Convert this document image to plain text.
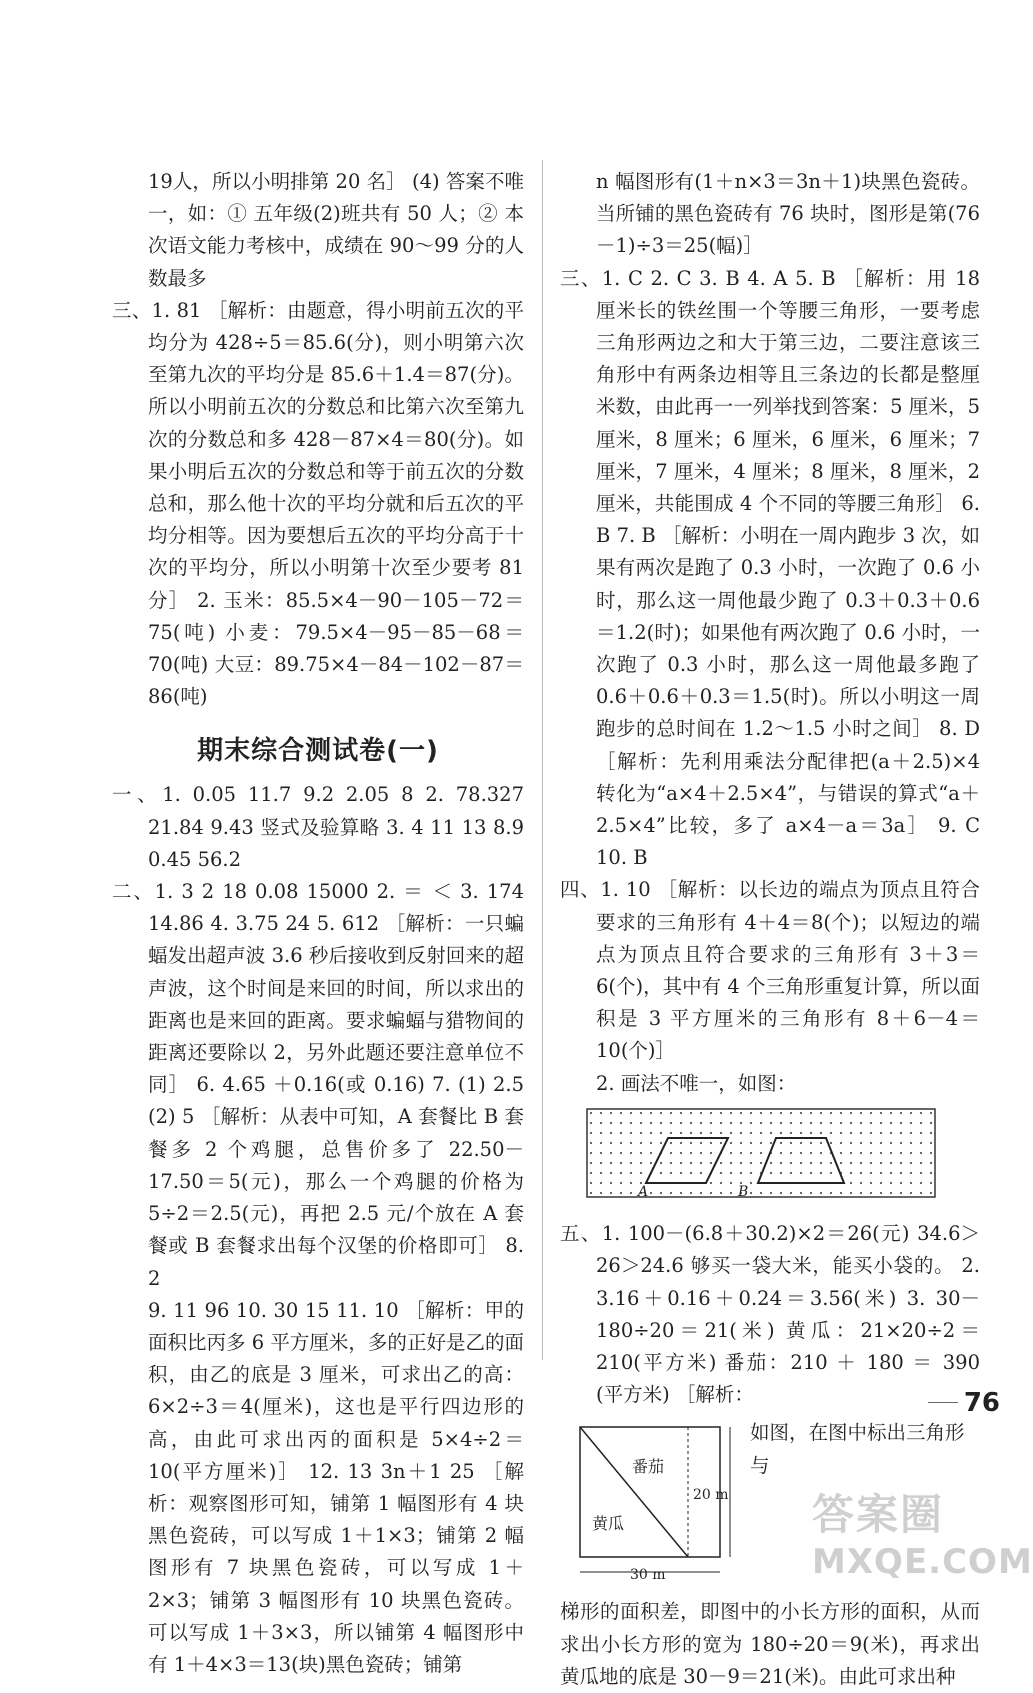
19人，所以小明排第 20 名］ (4) 答案不唯一，如：① 五年级(2)班共有 50 人；② 本次语文能力考核中，成绩在 90～99 分的人数最多

三、1. 81 ［解析：由题意，得小明前五次的平均分为 428÷5＝85.6(分)，则小明第六次至第九次的平均分是 85.6＋1.4＝87(分)。所以小明前五次的分数总和比第六次至第九次的分数总和多 428－87×4＝80(分)。如果小明后五次的分数总和等于前五次的分数总和，那么他十次的平均分就和后五次的平均分相等。因为要想后五次的平均分高于十次的平均分，所以小明第十次至少要考 81 分］ 2. 玉米：85.5×4－90－105－72＝75(吨) 小麦：79.5×4－95－85－68＝70(吨) 大豆：89.75×4－84－102－87＝86(吨)

期末综合测试卷(一)

一、1. 0.05 11.7 9.2 2.05 8 2. 78.327 21.84 9.43 竖式及验算略 3. 4 11 13 8.9 0.45 56.2

二、1. 3 2 18 0.08 15000 2. ＝ ＜ 3. 174 14.86 4. 3.75 24 5. 612 ［解析：一只蝙蝠发出超声波 3.6 秒后接收到反射回来的超声波，这个时间是来回的时间，所以求出的距离也是来回的距离。要求蝙蝠与猎物间的距离还要除以 2，另外此题还要注意单位不同］ 6. 4.65 ＋0.16(或 0.16) 7. (1) 2.5 (2) 5 ［解析：从表中可知，A 套餐比 B 套餐多 2 个鸡腿，总售价多了 22.50－17.50＝5(元)，那么一个鸡腿的价格为 5÷2＝2.5(元)，再把 2.5 元/个放在 A 套餐或 B 套餐求出每个汉堡的价格即可］ 8. 2

9. 11 96 10. 30 15 11. 10 ［解析：甲的面积比丙多 6 平方厘米，多的正好是乙的面积，由乙的底是 3 厘米，可求出乙的高：6×2÷3＝4(厘米)，这也是平行四边形的高，由此可求出丙的面积是 5×4÷2＝10(平方厘米)］ 12. 13 3n＋1 25 ［解析：观察图形可知，铺第 1 幅图形有 4 块黑色瓷砖，可以写成 1＋1×3；铺第 2 幅图形有 7 块黑色瓷砖，可以写成 1＋2×3；铺第 3 幅图形有 10 块黑色瓷砖。可以写成 1＋3×3，所以铺第 4 幅图形中有 1＋4×3＝13(块)黑色瓷砖；铺第

n 幅图形有(1＋n×3＝3n＋1)块黑色瓷砖。当所铺的黑色瓷砖有 76 块时，图形是第(76－1)÷3＝25(幅)］

三、1. C 2. C 3. B 4. A 5. B ［解析：用 18 厘米长的铁丝围一个等腰三角形，一要考虑三角形两边之和大于第三边，二要注意该三角形中有两条边相等且三条边的长都是整厘米数，由此再一一列举找到答案：5 厘米，5 厘米，8 厘米；6 厘米，6 厘米，6 厘米；7 厘米，7 厘米，4 厘米；8 厘米，8 厘米，2 厘米，共能围成 4 个不同的等腰三角形］ 6. B 7. B ［解析：小明在一周内跑步 3 次，如果有两次是跑了 0.3 小时，一次跑了 0.6 小时，那么这一周他最少跑了 0.3＋0.3＋0.6＝1.2(时)；如果他有两次跑了 0.6 小时，一次跑了 0.3 小时，那么这一周他最多跑了 0.6＋0.6＋0.3＝1.5(时)。所以小明这一周跑步的总时间在 1.2～1.5 小时之间］ 8. D ［解析：先利用乘法分配律把(a＋2.5)×4 转化为“a×4＋2.5×4”，与错误的算式“a＋2.5×4”比较，多了 a×4－a＝3a］ 9. C 10. B

四、1. 10 ［解析：以长边的端点为顶点且符合要求的三角形有 4＋4＝8(个)；以短边的端点为顶点且符合要求的三角形有 3＋3＝6(个)，其中有 4 个三角形重复计算，所以面积是 3 平方厘米的三角形有 8＋6－4＝10(个)］

2. 画法不唯一，如图：

A	B

五、1. 100－(6.8＋30.2)×2＝26(元) 34.6＞26＞24.6 够买一袋大米，能买小袋的。 2. 3.16＋0.16＋0.24＝3.56(米) 3. 30－180÷20＝21(米) 黄瓜：21×20÷2＝210(平方米) 番茄：210 ＋ 180 ＝ 390 (平方米) ［解析：

番茄
黄瓜
20 m
30 m
如图，在图中标出三角形与

梯形的面积差，即图中的小长方形的面积，从而求出小长方形的宽为 180÷20＝9(米)，再求出黄瓜地的底是 30－9＝21(米)。由此可求出种

76
答案圈
MXQE.COM
